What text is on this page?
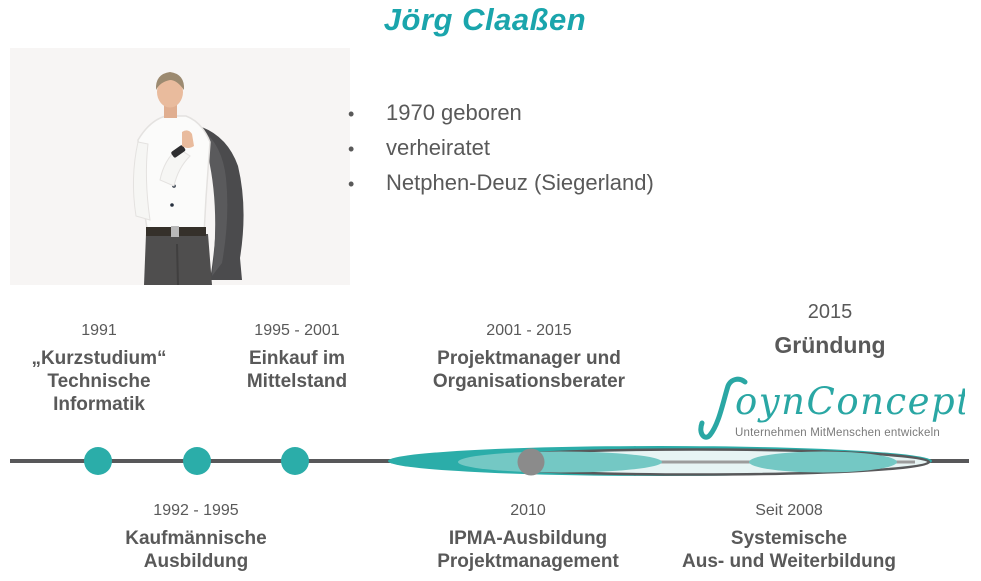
Jörg Claaßen
•	1970 geboren
•	verheiratet
•	Netphen-Deuz (Siegerland)
1991
„Kurzstudium“
Technische
Informatik
1995 - 2001
Einkauf im
Mittelstand
2001 - 2015
Projektmanager und
Organisationsberater
2015
Gründung
oynConcept
Unternehmen MitMenschen entwickeln
1992 - 1995
Kaufmännische
Ausbildung
2010
IPMA-Ausbildung
Projektmanagement
Seit 2008
Systemische
Aus- und Weiterbildung
